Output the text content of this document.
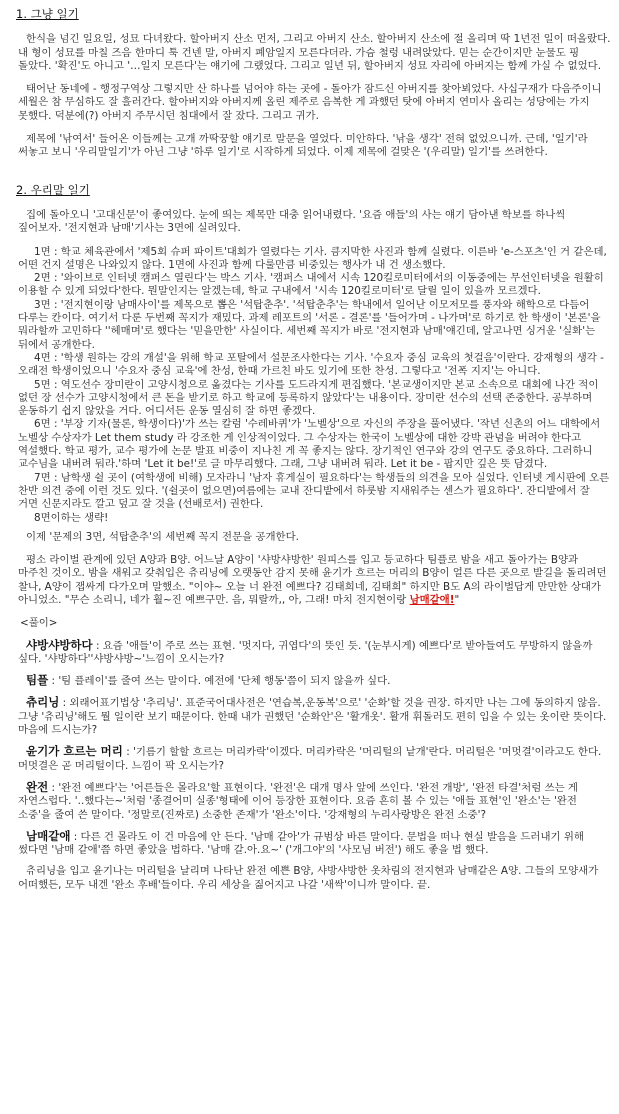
1. 그냥 일기

한식을 넘긴 일요일, 성묘 다녀왔다. 할아버지 산소 먼저, 그리고 아버지 산소. 할아버지 산소에 절 올리며 딱 1년전 일이 떠올랐다. 내 형이 성묘를 마칠 즈음 한마디 툭 건넨 말, 아버지 폐암일지 모른다더라. 가슴 철렁 내려앉았다. 믿는 순간이지만 눈물도 핑 돌았다. '확진'도 아니고 '…일지 모른다'는 얘기에 그랬었다. 그리고 일년 뒤, 할아버지 성묘 자리에 아버지는 함께 가실 수 없었다.

태어난 동네에 - 행정구역상 그렇지만 산 하나를 넘어야 하는 곳에 - 돌아가 잠드신 아버지를 찾아뵈었다. 사십구재가 다음주이니 세월은 참 무심하도 잘 흘러간다. 할아버지와 아버지께 올린 제주로 음복한 게 과했던 탓에 아버지 연미사 올리는 성당에는 가지 못했다. 덕분에(?) 아버지 주무시던 침대에서 잘 잤다. 그리고 귀가.

제목에 '낚여서' 들어온 이들께는 고개 까딱꿍할 얘기로 말문을 열었다. 미안하다. '낚을 생각' 전혀 없었으니까. 근데, '일기'라 써놓고 보니 '우리말일기'가 아닌 그냥 '하루 일기'로 시작하게 되었다. 이제 제목에 걸맞은 '(우리말) 일기'를 쓰려한다.

2. 우리말 일기

집에 돌아오니 '고대신문'이 좋여있다. 눈에 띄는 제목만 대충 읽어내렸다. '요즘 애들'의 사는 얘기 담아낸 학보를 하나씩 짚어보자. '전지현과 남매'기사는 3면에 실려있다.

1면 : 학교 체육관에서 '제5회 슈퍼 파이트'대회가 열렸다는 기사. 큼지막한 사진과 함께 실렸다. 이른바 'e-스포츠'인 거 같은데, 어떤 건지 설명은 나와있지 않다. 1면에 사진과 함께 다룰만큼 비중있는 행사가 내 건 생소했다.

2면 : '와이브로 인터넷 캠퍼스 열린다'는 박스 기사. '캠퍼스 내에서 시속 120킬로미터에서의 이동중에는 무선인터넷을 원활히 이용할 수 있게 되었다'한다. 뭔말인지는 알겠는데, 학교 구내에서 '시속 120킬로미터'로 달릴 일이 있을까 모르겠다.

3면 : '전지현이랑 남매사이'를 제목으로 뽑은 '석탑춘추'. '석탑춘추'는 학내에서 일어난 이모저모를 풍자와 해학으로 다듬어 다루는 칸이다. 여기서 다룬 두번째 꼭지가 재밌다. 과제 레포트의 '서론 - 결론'를 '들어가며 - 나가며'로 하기로 한 학생이 '본론'을 뭐라할까 고민하다 ''헤매며'로 했다는 '믿을만한' 사실이다. 세번째 꼭지가 바로 '전지현과 남매'얘긴데, 알고나면 싱거운 '실화'는 뒤에서 공개한다.

4면 : '학생 원하는 강의 개설'을 위해 학교 포탈에서 설문조사한다는 기사. '수요자 중심 교육의 첫걸음'이란다. 강재형의 생각 - 오래전 학생이었으니 '수요자 중심 교육'에 찬성, 한때 가르친 바도 있기에 또한 찬성. 그렇다고 '전폭 지지'는 아니다.

5면 : 역도선수 장미란이 고양시청으로 옮겼다는 기사를 도드라지게 편집했다. '본교생이지만 본교 소속으로 대회에 나간 적이 없던 장 선수가 고양시청에서 큰 돈을 받기로 하고 학교에 등록하지 않았다'는 내용이다. 장미란 선수의 선택 존중한다. 공부하며 운동하기 쉽지 않았을 거다. 어디서든 운동 열심히 잘 하면 좋겠다.

6면 : '부장 기자(물론, 학생이다)'가 쓰는 칼럼 '수레바퀴'가 '노벨상'으로 자신의 주장을 풀어냈다. '작년 신촌의 어느 대학에서 노벨상 수상자가 Let them study 라 강조한 게 인상적이었다. 그 수상자는 한국이 노벨상에 대한 강박 관념을 버려야 한다고 역설했다. 학교 평가, 교수 평가에 논문 발표 비중이 지나친 게 꼭 좋지는 않다. 장기적인 연구와 강의 연구도 중요하다. 그러하니 교수님을 내버려 둬라.'하며 'Let it be!'로 글 마무리했다. 그래, 그냥 내버려 둬라. Let it be - 팝지만 깊은 뜻 담겼다.

7면 : 남학생 쉴 곳이 (여학생에 비해) 모자라니 '남자 휴게실이 필요하다'는 학생들의 의견을 모아 실었다. 인터넷 게시판에 오른 찬반 의견 중에 이런 것도 있다. '(쉴곳이 없으면)여름에는 교내 잔디밭에서 하룻밤 지새워주는 센스가 필요하다'. 잔디밭에서 잘 거면 신문지라도 깔고 덮고 잘 것을 (선배로서) 권한다.

8면이하는 생략!

이제 '문제의 3면, 석탑춘추'의 세번째 꼭지 전문을 공개한다.

평소 라이벌 관계에 있던 A양과 B양. 어느날 A양이 '샤방샤방한' 원피스를 입고 등교하다 팀플로 밤을 새고 돌아가는 B양과 마주친 것이오. 밤을 새워고 갖춰입은 츄리닝에 오랫동안 감지 못해 윤기가 흐르는 머리의 B양이 얼른 다른 곳으로 발길을 돌리려던 찰나, A양이 잽싸게 다가오며 말했소. "이야~ 오늘 너 완전 예쁘다? 김태희네, 김태희" 하지만 B도 A의 라이벌답게 만만한 상대가 아니었소. "무슨 소리니, 네가 훨~진 예쁘구만. 음, 뭐랄까,, 아, 그래! 마치 전지현이랑 남매같애!"

<풀이>

샤방샤방하다 : 요즘 '애들'이 주로 쓰는 표현. '멋지다, 귀엽다'의 뜻인 듯. '(눈부시게) 예쁘다'로 받아들여도 무방하지 않을까 싶다. '샤방하다''샤방샤방~'느낌이 오시는가?

팀플 : '팀 플레이'를 줄여 쓰는 말이다. 예전에 '단체 행동'쯤이 되지 않을까 싶다.

츄리닝 : 외래어표기법상 '추리닝'. 표준국어대사전은 '연습복,운동복'으로' '순화'할 것을 권장. 하지만 나는 그에 동의하지 않음. 그냥 '츄리닝'해도 뭘 일이란 보기 때문이다. 한때 내가 권했던 '순화안'은 '활개옷'. 활개 휘돌러도 편히 입을 수 있는 옷이란 뜻이다. 마음에 드시는가?

윤기가 흐르는 머리 : '기름기 할할 흐르는 머리카락'이겠다. 머리카락은 '머리털의 낱개'란다. 머리털은 '머멋결'이라고도 한다. 머멋결은 곧 머리털이다. 느낌이 팍 오시는가?

완전 : '완전 예쁘다'는 '어른들은 몰라요'할 표현이다. '완전'은 대개 명사 앞에 쓰인다. '완전 개방', '완전 타결'처럼 쓰는 게 자연스럽다. '..했다는~'처럼 '종결어미 실종'형태에 이어 등장한 표현이다. 요즘 흔히 볼 수 있는 '애들 표현'인 '완소'는 '완전 소중'을 줄여 쓴 말이다. '정말로(진짜로) 소중한 존재'가 '완소'이다. '강재형의 누리사랑방은 완전 소중'?

남매같애 : 다른 건 몰라도 이 건 마음에 안 든다. '남매 같아'가 규범상 바른 말이다. 문법을 떠나 현실 발음을 드러내기 위해 썼다면 '남매 같애'쯤 하면 좋았을 법하다. '남매 갈.아.요~' ('개그야'의 '사모님 버전') 해도 좋을 법 했다.

츄리닝을 입고 윤기나는 머리털을 날리며 나타난 완전 예쁜 B양, 샤방샤방한 옷차림의 전지현과 남매같은 A양. 그들의 모양새가 어떠했든, 모두 내겐 '완소 후배'들이다. 우리 세상을 짊어지고 나갈 '새싹'이니까 말이다. 끝.
